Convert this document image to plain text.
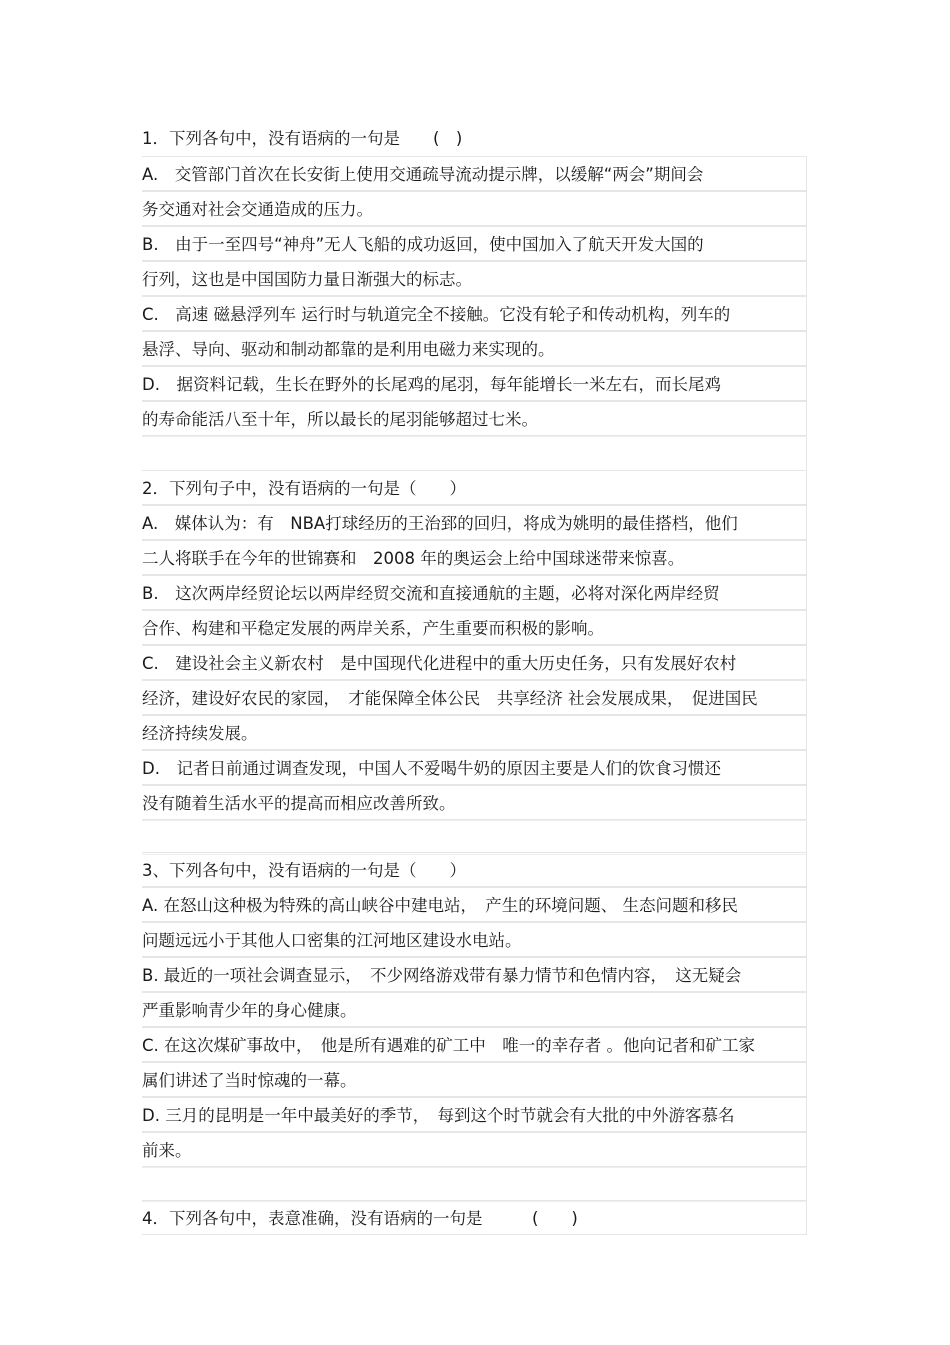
1．下列各句中，没有语病的一句是　　(　)
A.　交管部门首次在长安街上使用交通疏导流动提示牌，以缓解“两会”期间会
务交通对社会交通造成的压力。
B.　由于一至四号“神舟”无人飞船的成功返回，使中国加入了航天开发大国的
行列，这也是中国国防力量日渐强大的标志。
C.　高速 磁悬浮列车 运行时与轨道完全不接触。它没有轮子和传动机构，列车的
悬浮、导向、驱动和制动都靠的是利用电磁力来实现的。
D.　据资料记载，生长在野外的长尾鸡的尾羽，每年能增长一米左右，而长尾鸡
的寿命能活八至十年，所以最长的尾羽能够超过七米。
2．下列句子中，没有语病的一句是（　　）
A.　媒体认为：有　NBA打球经历的王治郅的回归，将成为姚明的最佳搭档，他们
二人将联手在今年的世锦赛和　2008 年的奥运会上给中国球迷带来惊喜。
B.　这次两岸经贸论坛以两岸经贸交流和直接通航的主题，必将对深化两岸经贸
合作、构建和平稳定发展的两岸关系，产生重要而积极的影响。
C.　建设社会主义新农村　是中国现代化进程中的重大历史任务，只有发展好农村
经济，建设好农民的家园，　才能保障全体公民　共享经济 社会发展成果，　促进国民
经济持续发展。
D.　记者日前通过调查发现，中国人不爱喝牛奶的原因主要是人们的饮食习惯还
没有随着生活水平的提高而相应改善所致。
3、下列各句中，没有语病的一句是（　　）
A. 在怒山这种极为特殊的高山峡谷中建电站，　产生的环境问题、 生态问题和移民
问题远远小于其他人口密集的江河地区建设水电站。
B. 最近的一项社会调查显示，　不少网络游戏带有暴力情节和色情内容，　这无疑会
严重影响青少年的身心健康。
C. 在这次煤矿事故中，　他是所有遇难的矿工中　唯一的幸存者 。他向记者和矿工家
属们讲述了当时惊魂的一幕。
D. 三月的昆明是一年中最美好的季节，　每到这个时节就会有大批的中外游客慕名
前来。
4．下列各句中，表意准确，没有语病的一句是　　　(　　)
